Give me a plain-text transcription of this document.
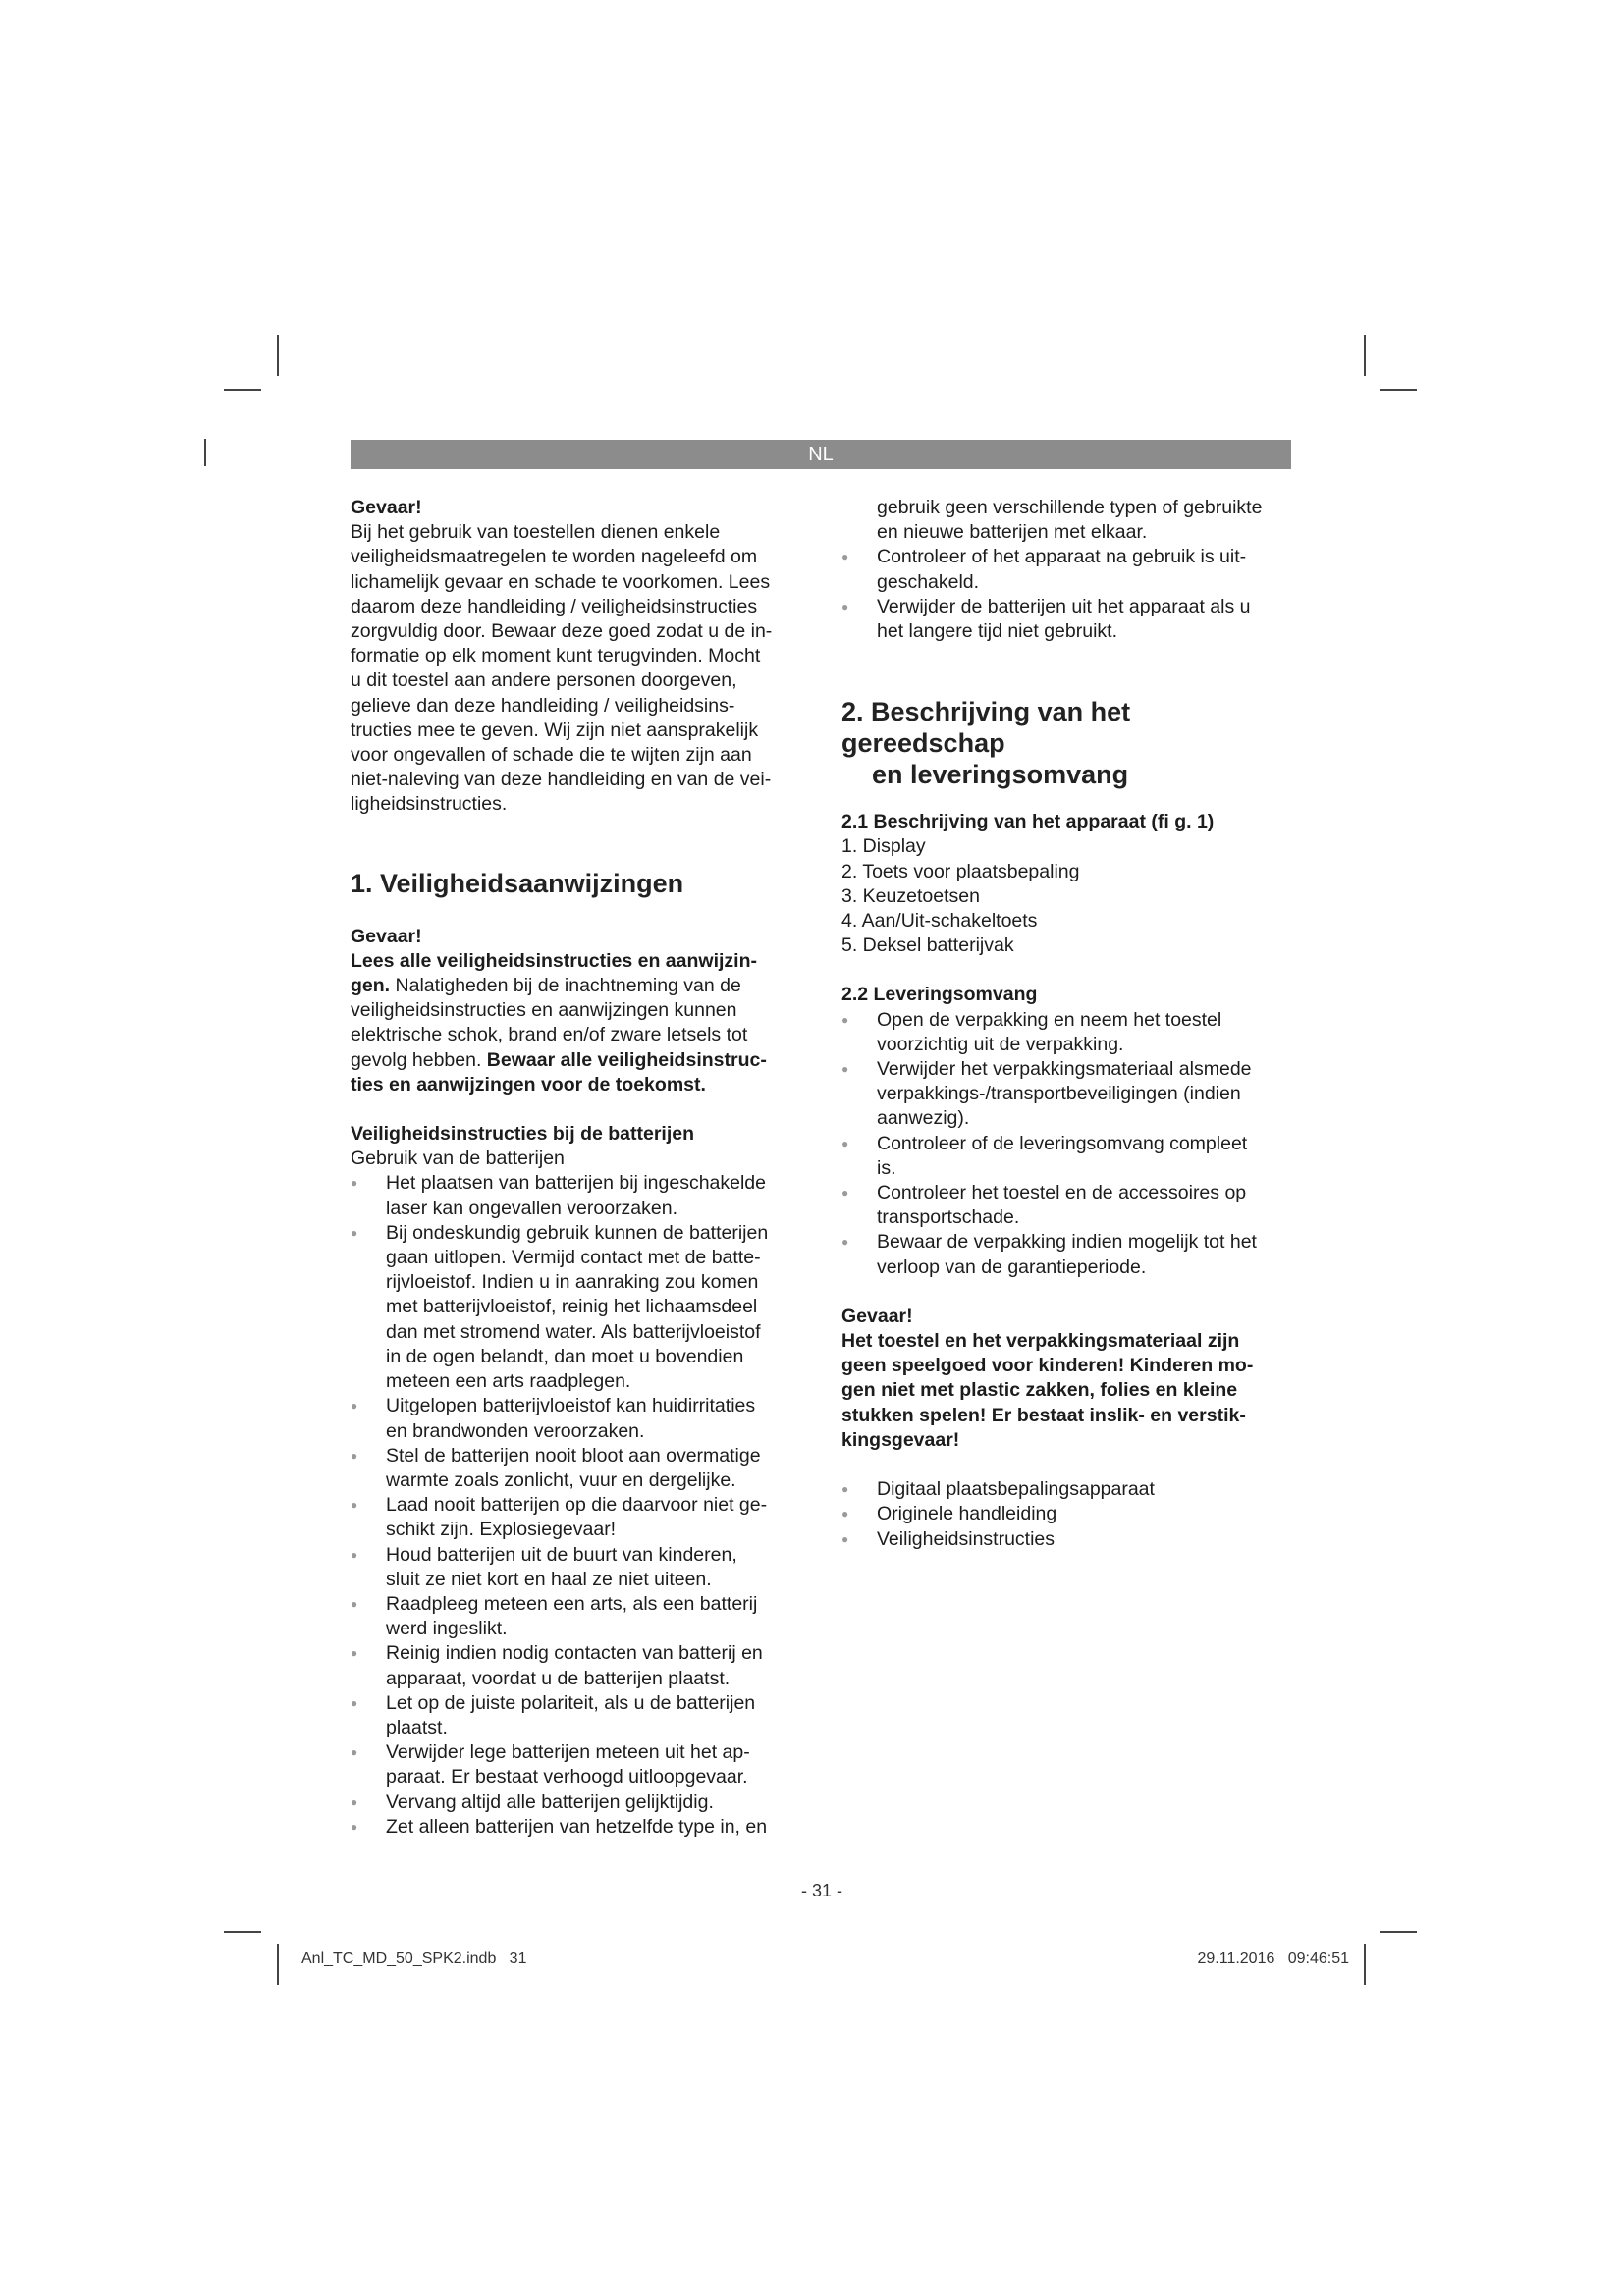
NL

Gevaar!

Bij het gebruik van toestellen dienen enkele
veiligheidsmaatregelen te worden nageleefd om
lichamelijk gevaar en schade te voorkomen. Lees
daarom deze handleiding / veiligheidsinstructies
zorgvuldig door. Bewaar deze goed zodat u de in-
formatie op elk moment kunt terugvinden. Mocht
u dit toestel aan andere personen doorgeven,
gelieve dan deze handleiding / veiligheidsins-
tructies mee te geven. Wij zijn niet aansprakelijk
voor ongevallen of schade die te wijten zijn aan
niet-naleving van deze handleiding en van de vei-
ligheidsinstructies.

1. Veiligheidsaanwijzingen

Gevaar!

Lees alle veiligheidsinstructies en aanwijzin-
gen. Nalatigheden bij de inachtneming van de
veiligheidsinstructies en aanwijzingen kunnen
elektrische schok, brand en/of zware letsels tot
gevolg hebben. Bewaar alle veiligheidsinstruc-
ties en aanwijzingen voor de toekomst.

Veiligheidsinstructies bij de batterijen

Gebruik van de batterijen

● Het plaatsen van batterijen bij ingeschakelde
laser kan ongevallen veroorzaken.
● Bij ondeskundig gebruik kunnen de batterijen
gaan uitlopen. Vermijd contact met de batte-
rijvloeistof. Indien u in aanraking zou komen
met batterijvloeistof, reinig het lichaamsdeel
dan met stromend water. Als batterijvloeistof
in de ogen belandt, dan moet u bovendien
meteen een arts raadplegen.
● Uitgelopen batterijvloeistof kan huidirritaties
en brandwonden veroorzaken.
● Stel de batterijen nooit bloot aan overmatige
warmte zoals zonlicht, vuur en dergelijke.
● Laad nooit batterijen op die daarvoor niet ge-
schikt zijn. Explosiegevaar!
● Houd batterijen uit de buurt van kinderen,
sluit ze niet kort en haal ze niet uiteen.
● Raadpleeg meteen een arts, als een batterij
werd ingeslikt.
● Reinig indien nodig contacten van batterij en
apparaat, voordat u de batterijen plaatst.
● Let op de juiste polariteit, als u de batterijen
plaatst.
● Verwijder lege batterijen meteen uit het ap-
paraat. Er bestaat verhoogd uitloopgevaar.
● Vervang altijd alle batterijen gelijktijdig.
● Zet alleen batterijen van hetzelfde type in, en

gebruik geen verschillende typen of gebruikte
en nieuwe batterijen met elkaar.

● Controleer of het apparaat na gebruik is uit-
geschakeld.
● Verwijder de batterijen uit het apparaat als u
het langere tijd niet gebruikt.

2. Beschrijving van het gereedschap
en leveringsomvang

2.1 Beschrijving van het apparaat (fi g. 1)

1. Display
2. Toets voor plaatsbepaling
3. Keuzetoetsen
4. Aan/Uit-schakeltoets
5. Deksel batterijvak

2.2 Leveringsomvang

● Open de verpakking en neem het toestel
voorzichtig uit de verpakking.
● Verwijder het verpakkingsmateriaal alsmede
verpakkings-/transportbeveiligingen (indien
aanwezig).
● Controleer of de leveringsomvang compleet
is.
● Controleer het toestel en de accessoires op
transportschade.
● Bewaar de verpakking indien mogelijk tot het
verloop van de garantieperiode.

Gevaar!

Het toestel en het verpakkingsmateriaal zijn
geen speelgoed voor kinderen! Kinderen mo-
gen niet met plastic zakken, folies en kleine
stukken spelen! Er bestaat inslik- en verstik-
kingsgevaar!

● Digitaal plaatsbepalingsapparaat
● Originele handleiding
● Veiligheidsinstructies
- 31 -
Anl_TC_MD_50_SPK2.indb   31	29.11.2016   09:46:51
